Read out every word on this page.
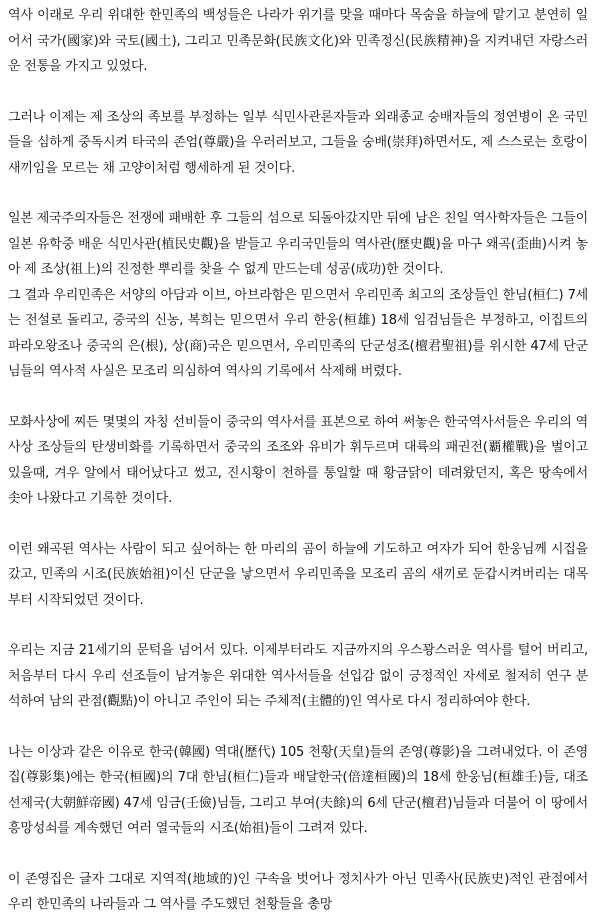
역사 이래로 우리 위대한 한민족의 백성들은 나라가 위기를 맞을 때마다 목숨을 하늘에 맡기고 분연히 일어서 국가(國家)와 국토(國土), 그리고 민족문화(民族文化)와 민족정신(民族精神)을 지켜내던 자랑스러운 전통을 가지고 있었다.

그러나 이제는 제 조상의 족보를 부정하는 일부 식민사관론자들과 외래종교 숭배자들의 정연병이 온 국민들을 심하게 중독시켜 타국의 존엄(尊嚴)을 우러러보고, 그들을 숭배(崇拜)하면서도, 제 스스로는 호랑이 새끼임을 모르는 채 고양이처럼 행세하게 된 것이다.

일본 제국주의자들은 전쟁에 패배한 후 그들의 섬으로 되돌아갔지만 뒤에 남은 친일 역사학자들은 그들이 일본 유학중 배운 식민사관(植民史觀)을 받들고 우리국민들의 역사관(歷史觀)을 마구 왜곡(歪曲)시켜 놓아 제 조상(祖上)의 진정한 뿌리를 찾을 수 없게 만드는데 성공(成功)한 것이다.

그 결과 우리민족은 서양의 아담과 이브, 아브라함은 믿으면서 우리민족 최고의 조상들인 한님(桓仁) 7세는 전설로 돌리고, 중국의 신농, 복희는 믿으면서 우리 한웅(桓雄) 18세 임검님들은 부정하고, 이집트의 파라오왕조나 중국의 은(根), 상(商)국은 믿으면서, 우리민족의 단군성조(檀君聖祖)를 위시한 47세 단군님들의 역사적 사실은 모조리 의심하여 역사의 기록에서 삭제해 버렸다.

모화사상에 찌든 몇몇의 자칭 선비들이 중국의 역사서를 표본으로 하여 써놓은 한국역사서들은 우리의 역사상 조상들의 탄생비화를 기록하면서 중국의 조조와 유비가 휘두르며 대륙의 패권전(覇權戰)을 벌이고 있을때, 겨우 알에서 태어났다고 썼고, 진시황이 천하를 통일할 때 황금닭이 데려왔던지, 혹은 땅속에서 솟아 나왔다고 기록한 것이다.

이런 왜곡된 역사는 사람이 되고 싶어하는 한 마리의 곰이 하늘에 기도하고 여자가 되어 한웅님께 시집을 갔고, 민족의 시조(民族始祖)이신 단군을 낳으면서 우리민족을 모조리 곰의 새끼로 둔갑시켜버리는 대목부터 시작되었던 것이다.

우리는 지금 21세기의 문턱을 넘어서 있다. 이제부터라도 지금까지의 우스꽝스러운 역사를 털어 버리고, 처음부터 다시 우리 선조들이 남겨놓은 위대한 역사서들을 선입감 없이 긍정적인 자세로 철저히 연구 분석하여 남의 관점(觀點)이 아니고 주인이 되는 주체적(主體的)인 역사로 다시 정리하여야 한다.

나는 이상과 같은 이유로 한국(韓國) 역대(歷代) 105 천황(天皇)들의 존영(尊影)을 그려내었다. 이 존영집(尊影集)에는 한국(桓國)의 7대 한님(桓仁)들과 배달한국(倍達桓國)의 18세 한웅님(桓雄壬)들, 대조선제국(大朝鮮帝國) 47세 임금(壬儉)님들, 그리고 부여(夫餘)의 6세 단군(檀君)님들과 더불어 이 땅에서 흥망성쇠를 계속했던 여러 열국들의 시조(始祖)들이 그려져 있다.

이 존영집은 글자 그대로 지역적(地域的)인 구속을 벗어나 정치사가 아닌 민족사(民族史)적인 관점에서 우리 한민족의 나라들과 그 역사를 주도했던 천황들을 총망
